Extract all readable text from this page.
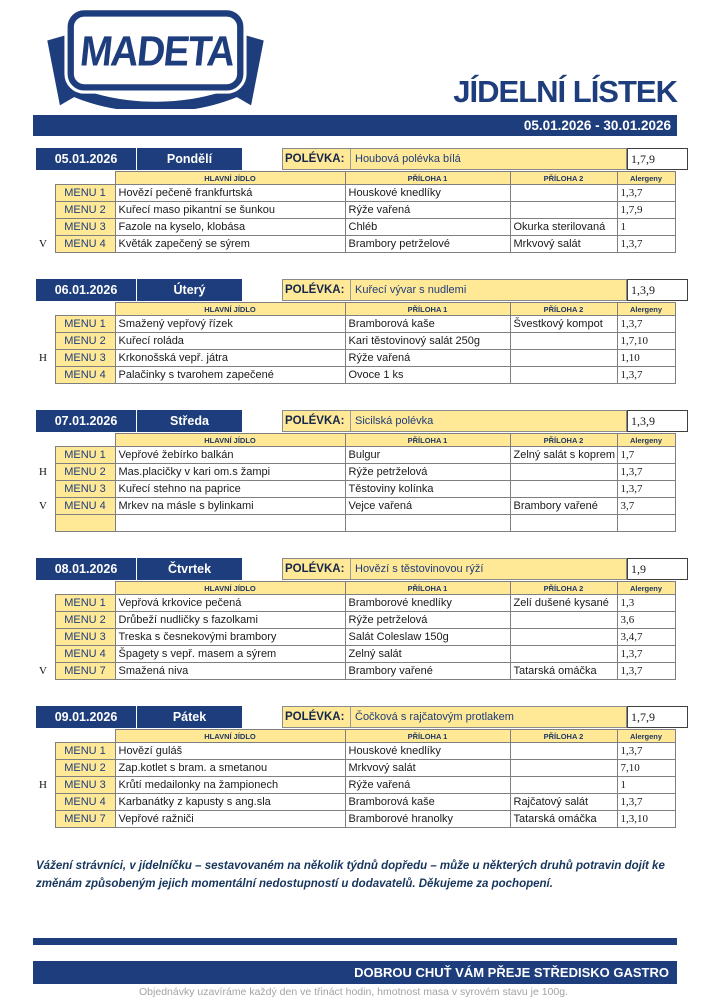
MADETA
JÍDELNÍ LÍSTEK
05.01.2026 - 30.01.2026
05.01.2026	Pondělí	POLÉVKA: Houbová polévka bílá	1,7,9
		HLAVNÍ JÍDLO	PŘÍLOHA 1	PŘÍLOHA 2	Alergeny
	MENU 1	Hovězí pečeně frankfurtská	Houskové knedlíky		1,3,7
	MENU 2	Kuřecí maso pikantní se šunkou	Rýže vařená		1,7,9
	MENU 3	Fazole na kyselo, klobása	Chléb	Okurka sterilovaná	1
V	MENU 4	Květák zapečený se sýrem	Brambory petrželové	Mrkvový salát	1,3,7
06.01.2026	Úterý	POLÉVKA: Kuřecí vývar s nudlemi	1,3,9
		HLAVNÍ JÍDLO	PŘÍLOHA 1	PŘÍLOHA 2	Alergeny
	MENU 1	Smažený vepřový řízek	Bramborová kaše	Švestkový kompot	1,3,7
	MENU 2	Kuřecí roláda	Kari těstovinový salát 250g		1,7,10
H	MENU 3	Krkonošská vepř. játra	Rýže vařená		1,10
	MENU 4	Palačinky s tvarohem zapečené	Ovoce 1 ks		1,3,7
07.01.2026	Středa	POLÉVKA: Sicilská polévka	1,3,9
		HLAVNÍ JÍDLO	PŘÍLOHA 1	PŘÍLOHA 2	Alergeny
	MENU 1	Vepřové žebírko balkán	Bulgur	Zelný salát s koprem	1,7
H	MENU 2	Mas.placičky v kari om.s žampi	Rýže petrželová		1,3,7
	MENU 3	Kuřecí stehno na paprice	Těstoviny kolínka		1,3,7
V	MENU 4	Mrkev na másle s bylinkami	Vejce vařená	Brambory vařené	3,7

08.01.2026	Čtvrtek	POLÉVKA: Hovězí s těstovinovou rýží	1,9
		HLAVNÍ JÍDLO	PŘÍLOHA 1	PŘÍLOHA 2	Alergeny
	MENU 1	Vepřová krkovice pečená	Bramborové knedlíky	Zelí dušené kysané	1,3
	MENU 2	Drůbeží nudličky s fazolkami	Rýže petrželová		3,6
	MENU 3	Treska s česnekovými brambory	Salát Coleslaw 150g		3,4,7
	MENU 4	Špagety s vepř. masem a sýrem	Zelný salát		1,3,7
V	MENU 7	Smažená niva	Brambory vařené	Tatarská omáčka	1,3,7
09.01.2026	Pátek	POLÉVKA: Čočková s rajčatovým protlakem	1,7,9
		HLAVNÍ JÍDLO	PŘÍLOHA 1	PŘÍLOHA 2	Alergeny
	MENU 1	Hovězí guláš	Houskové knedlíky		1,3,7
	MENU 2	Zap.kotlet s bram. a smetanou	Mrkvový salát		7,10
H	MENU 3	Krůtí medailonky na žampionech	Rýže vařená		1
	MENU 4	Karbanátky z kapusty s ang.sla	Bramborová kaše	Rajčatový salát	1,3,7
	MENU 7	Vepřové ražniči	Bramborové hranolky	Tatarská omáčka	1,3,10
Vážení strávníci, v jídelníčku – sestavovaném na několik týdnů dopředu – může u některých druhů potravin dojít ke změnám způsobeným jejich momentální nedostupností u dodavatelů. Děkujeme za pochopení.
DOBROU CHUŤ VÁM PŘEJE STŘEDISKO GASTRO
Objednávky uzavíráme každý den ve třináct hodin, hmotnost masa v syrovém stavu je 100g.
